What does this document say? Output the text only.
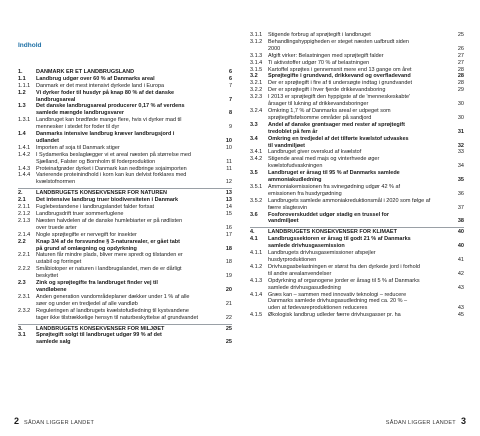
Indhold
1.	DANMARK ER ET LANDBRUGSLAND	6
1.1	Landbrug udgør over 60 % af Danmarks areal	6
1.1.1	Danmark er det mest intensivt dyrkede land i Europa	7
1.2	Vi dyrker foder til husdyr på knap 80 % af det danske
landbrugsareal	7
1.3	Det danske landbrugsareal producerer 0,17 % af verdens
samlede mængde landbrugsvarer	8
1.3.1	Landbruget kan brødføde mange flere, hvis vi dyrker mad til
mennesker i stedet for foder til dyr	9
1.4	Danmarks intensive landbrug kræver landbrugsjord i
udlandet	10
1.4.1	Importen af soja til Danmark stiger	10
1.4.2	I Sydamerika beslaglægger vi et areal næsten på størrelse med
Sjælland, Falster og Bornholm til foderproduktion	11
1.4.3	Proteinafgrøder dyrket i Danmark kan nedbringe sojaimporten	11
1.4.4	Varierende proteinindhold i korn kan kun delvist forklares med
kvælstofnormen	12
2.	LANDBRUGETS KONSEKVENSER FOR NATUREN	13
2.1	Det intensive landbrug truer biodiversiteten i Danmark	13
2.1.1	Fuglebestandene i landbrugslandet falder fortsat	14
2.1.2	Landbrugsdrift truer sommerfuglene	15
2.1.3	Næsten halvdelen af de danske humlebiarter er på rødlisten
over truede arter	16
2.1.4	Nogle sprøjtegifte er nervegift for insekter	17
2.2	Knap 3/4 af de forsvundne § 3-naturarealer, er gået tabt
på grund af omlægning og opdyrkning	18
2.2.1	Naturen får mindre plads, bliver mere spredt og tilstanden er
ustabil og forringet	18
2.2.2	Småbiotoper er naturen i landbrugslandet, men de er dårligt
beskyttet	19
2.3	Zink og sprøjtegifte fra landbruget finder vej til
vandløbene	20
2.3.1	Anden generation vandområdeplaner dækker under 1 % af alle
søer og under en tredjedel af alle vandløb	21
2.3.2	Reguleringen af landbrugets kvælstofudledning til kystvandene
tager ikke tilstrækkelige hensyn til naturbeskyttelse af grundvandet	22
3.	LANDBRUGETS KONSEKVENSER FOR MILJØET	25
3.1	Sprøjtegift solgt til landbruget udgør 99 % af det
samlede salg	25
2 SÅDAN LIGGER LANDET
3.1.1	Stigende forbrug af sprøjtegift i landbruget	25
3.1.2	Behandlingshyppigheden er steget næsten uafbrudt siden
2000	26
3.1.3	Afgift virker: Belastningen med sprøjtegift falder	27
3.1.4	Ti aktivstoffer udgør 70 % af belastningen	27
3.1.5	Kartoffel sprøjtes i gennemsnit mere end 13 gange om året	28
3.2	Sprøjtegifte i grundvand, drikkevand og overfladevand	28
3.2.1	Der er sprøjtegift i fire af ti undersøgte indtag i grundvandet	28
3.2.2	Der er sprøjtegift i hver fjerde drikkevandsboring	29
3.2.3	I 2013 er sprøjtegift den hyppigste af de 'menneskeskabte'
årsager til lukning af drikkevandsboringer	30
3.2.4	Omkring 1,7 % af Danmarks areal er udpeget som
sprøjtegiftsfølsomme områder på sandjord	30
3.3	Andel af danske grøntsager med rester af sprøjtegift
tredoblet på fem år	31
3.4	Omkring en tredjedel af det tilførte kvælstof udvaskes
til vandmiljøet	32
3.4.1	Landbruget giver overskud af kvælstof	33
3.4.2	Stigende areal med majs og vinterhvede øger
kvælstofudvaskningen	34
3.5	Landbruget er årsag til 95 % af Danmarks samlede
ammoniakudledning	35
3.5.1	Ammoniakemissionen fra svinegødning udgør 42 % af
emissionen fra husdyrgødning	36
3.5.2	Landbrugets samlede ammoniakreduktionsmål i 2020 som følge af
færre slagtesvin	37
3.6	Fosforoverskuddet udgør stadig en trussel for
vandmiljøet	38
4.	LANDBRUGETS KONSEKVENSER FOR KLIMAET	40
4.1	Landbrugssektoren er årsag til godt 21 % af Danmarks
samlede drivhusgasemission	40
4.1.1	Landbrugets drivhusgasemissioner afspejler
husdyrproduktionen	41
4.1.2	Drivhusgasbelastningen er størst fra den dyrkede jord i forhold
til andre arealanvendelser	42
4.1.3	Opdyrkning af organogene jorder er årsag til 5 % af Danmarks
samlede drivhusgasudledning	43
4.1.4	Græs kan – sammen med innovativ teknologi – reducere
Danmarks samlede drivhusgasudledning med ca. 20 % –
uden at fødevareproduktionen reduceres	43
4.1.5	Økologisk landbrug udleder færre drivhusgasser pr. ha	45
SÅDAN LIGGER LANDET 3
